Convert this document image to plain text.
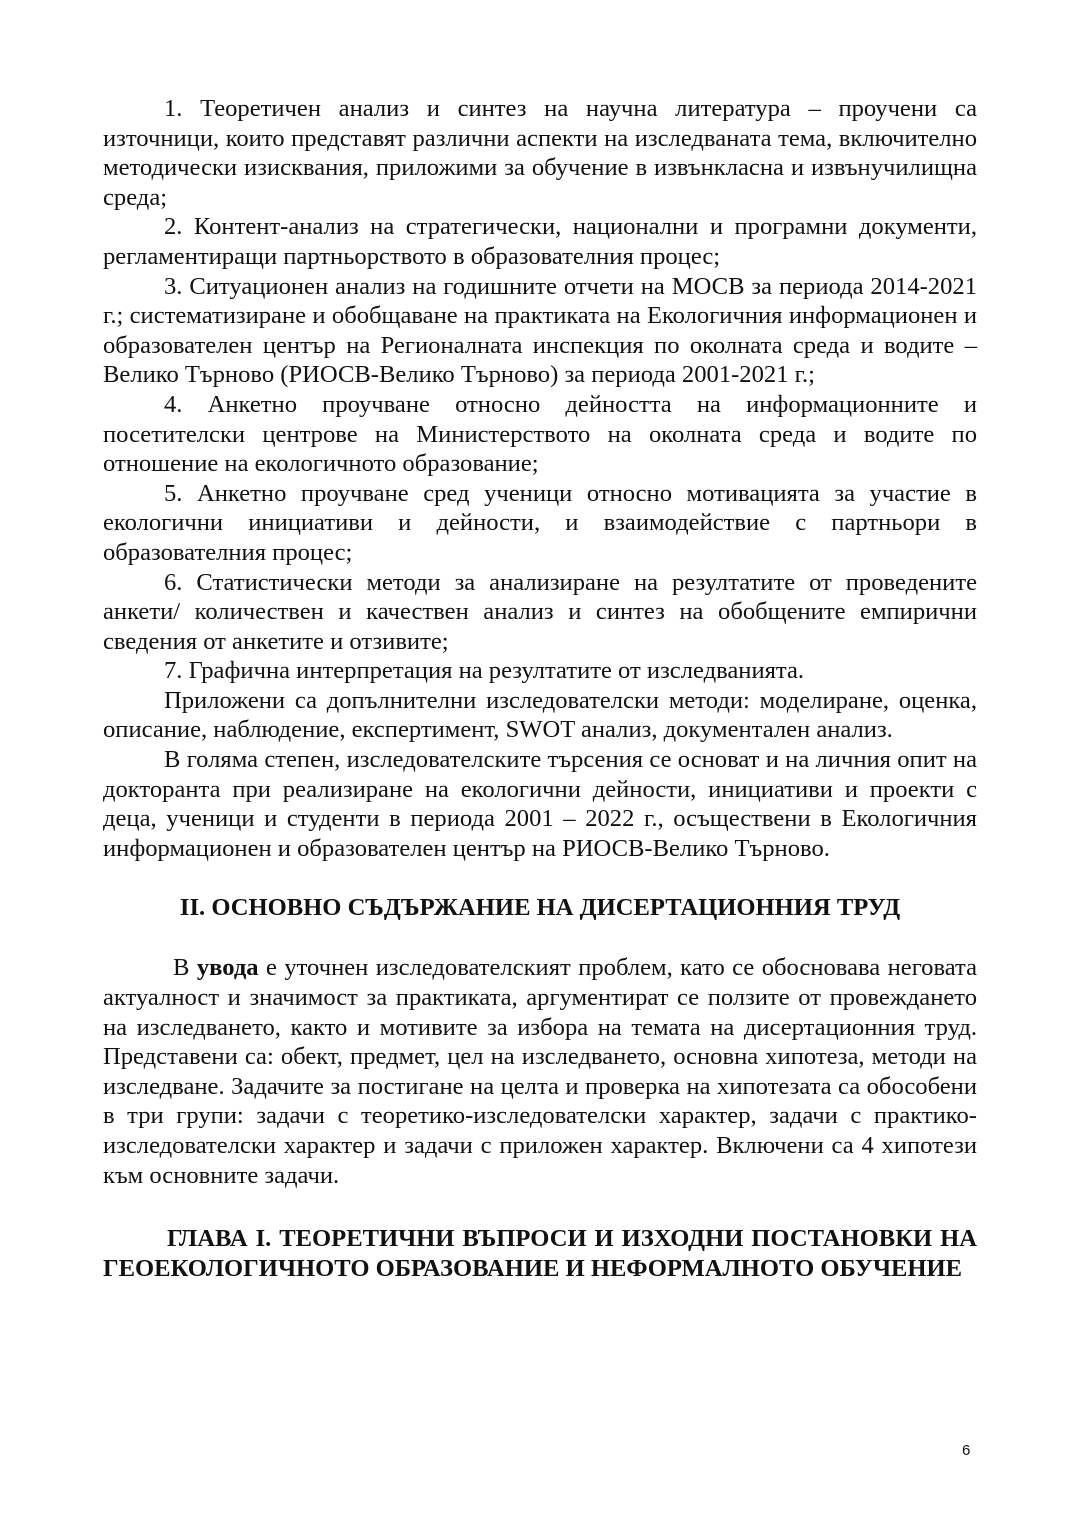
1. Теоретичен анализ и синтез на научна литература – проучени са източници, които представят различни аспекти на изследваната тема, включително методически изисквания, приложими за обучение в извънкласна и извънучилищна среда;

2. Контент-анализ на стратегически, национални и програмни документи, регламентиращи партньорството в образователния процес;

3. Ситуационен анализ на годишните отчети на МОСВ за периода 2014-2021 г.; систематизиране и обобщаване на практиката на Екологичния информационен и образователен център на Регионалната инспекция по околната среда и водите – Велико Търново (РИОСВ-Велико Търново) за периода 2001-2021 г.;

4. Анкетно проучване относно дейността на информационните и посетителски центрове на Министерството на околната среда и водите по отношение на екологичното образование;

5. Анкетно проучване сред ученици относно мотивацията за участие в екологични инициативи и дейности, и взаимодействие с партньори в образователния процес;

6. Статистически методи за анализиране на резултатите от проведените анкети/ количествен и качествен анализ и синтез на обобщените емпирични сведения от анкетите и отзивите;

7. Графична интерпретация на резултатите от изследванията.

Приложени са допълнителни изследователски методи: моделиране, оценка, описание, наблюдение, експертимент, SWOT анализ, документален анализ.

В голяма степен, изследователските търсения се основат и на личния опит на докторанта при реализиране на екологични дейности, инициативи и проекти с деца, ученици и студенти в периода 2001 – 2022 г., осъществени в Екологичния информационен и образователен център на РИОСВ-Велико Търново.

II. ОСНОВНО СЪДЪРЖАНИЕ НА ДИСЕРТАЦИОННИЯ ТРУД

В увода е уточнен изследователският проблем, като се обосновава неговата актуалност и значимост за практиката, аргументират се ползите от провеждането на изследването, както и мотивите за избора на темата на дисертационния труд. Представени са: обект, предмет, цел на изследването, основна хипотеза, методи на изследване. Задачите за постигане на целта и проверка на хипотезата са обособени в три групи: задачи с теоретико-изследователски характер, задачи с практико-изследователски характер и задачи с приложен характер. Включени са 4 хипотези към основните задачи.

ГЛАВА I. ТЕОРЕТИЧНИ ВЪПРОСИ И ИЗХОДНИ ПОСТАНОВКИ НА ГЕОЕКОЛОГИЧНОТО ОБРАЗОВАНИЕ И НЕФОРМАЛНОТО ОБУЧЕНИЕ
6
